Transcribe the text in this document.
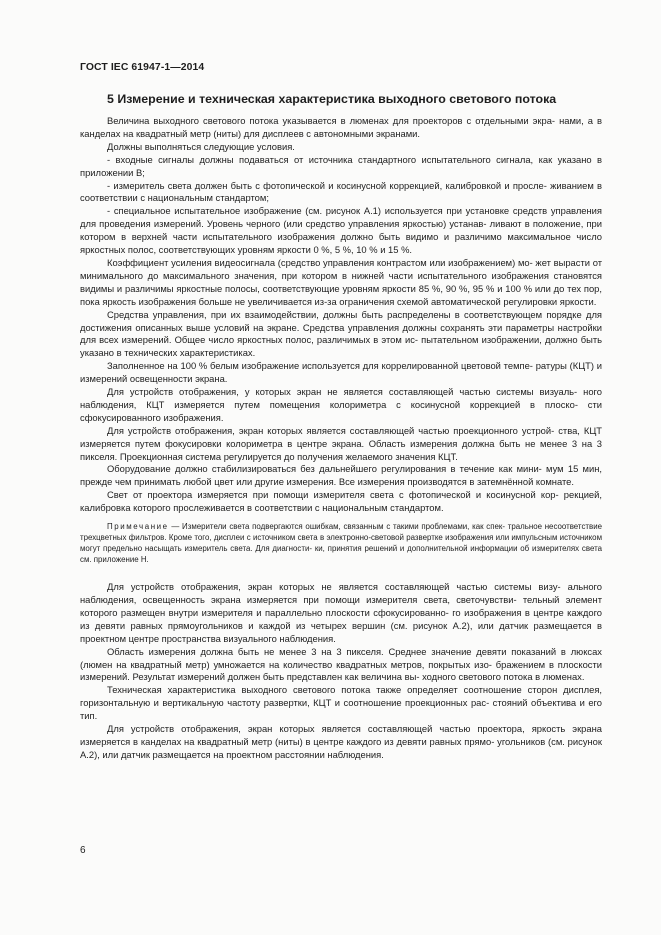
ГОСТ IEC 61947-1—2014
5 Измерение и техническая характеристика выходного светового потока

Величина выходного светового потока указывается в люменах для проекторов с отдельными экра- нами, а в канделах на квадратный метр (ниты) для дисплеев с автономными экранами.

Должны выполняться следующие условия.

- входные сигналы должны подаваться от источника стандартного испытательного сигнала, как указано в приложении В;

- измеритель света должен быть с фотопической и косинусной коррекцией, калибровкой и просле- живанием в соответствии с национальным стандартом;

- специальное испытательное изображение (см. рисунок А.1) используется при установке средств управления для проведения измерений. Уровень черного (или средство управления яркостью) устанав- ливают в положение, при котором в верхней части испытательного изображения должно быть видимо и различимо максимальное число яркостных полос, соответствующих уровням яркости 0 %, 5 %, 10 % и 15 %.

Коэффициент усиления видеосигнала (средство управления контрастом или изображением) мо- жет вырасти от минимального до максимального значения, при котором в нижней части испытательного изображения становятся видимы и различимы яркостные полосы, соответствующие уровням яркости 85 %, 90 %, 95 % и 100 % или до тех пор, пока яркость изображения больше не увеличивается из-за ограничения схемой автоматической регулировки яркости.

Средства управления, при их взаимодействии, должны быть распределены в соответствующем порядке для достижения описанных выше условий на экране. Средства управления должны сохранять эти параметры настройки для всех измерений. Общее число яркостных полос, различимых в этом ис- пытательном изображении, должно быть указано в технических характеристиках.

Заполненное на 100 % белым изображение используется для коррелированной цветовой темпе- ратуры (КЦТ) и измерений освещенности экрана.

Для устройств отображения, у которых экран не является составляющей частью системы визуаль- ного наблюдения, КЦТ измеряется путем помещения колориметра с косинусной коррекцией в плоско- сти сфокусированного изображения.

Для устройств отображения, экран которых является составляющей частью проекционного устрой- ства, КЦТ измеряется путем фокусировки колориметра в центре экрана. Область измерения должна быть не менее 3 на 3 пикселя. Проекционная система регулируется до получения желаемого значения КЦТ.

Оборудование должно стабилизироваться без дальнейшего регулирования в течение как мини- мум 15 мин, прежде чем принимать любой цвет или другие измерения. Все измерения производятся в затемнённой комнате.

Свет от проектора измеряется при помощи измерителя света с фотопической и косинусной кор- рекцией, калибровка которого прослеживается в соответствии с национальным стандартом.

Примечание — Измерители света подвергаются ошибкам, связанным с такими проблемами, как спек- тральное несоответствие трехцветных фильтров. Кроме того, дисплеи с источником света в электронно-световой развертке изображения или импульсным источником могут предельно насыщать измеритель света. Для диагности- ки, принятия решений и дополнительной информации об измерителях света см. приложение Н.

Для устройств отображения, экран которых не является составляющей частью системы визу- ального наблюдения, освещенность экрана измеряется при помощи измерителя света, светочувстви- тельный элемент которого размещен внутри измерителя и параллельно плоскости сфокусированно- го изображения в центре каждого из девяти равных прямоугольников и каждой из четырех вершин (см. рисунок А.2), или датчик размещается в проектном центре пространства визуального наблюдения.

Область измерения должна быть не менее 3 на 3 пикселя. Среднее значение девяти показаний в люксах (люмен на квадратный метр) умножается на количество квадратных метров, покрытых изо- бражением в плоскости измерений. Результат измерений должен быть представлен как величина вы- ходного светового потока в люменах.

Техническая характеристика выходного светового потока также определяет соотношение сторон дисплея, горизонтальную и вертикальную частоту развертки, КЦТ и соотношение проекционных рас- стояний объектива и его тип.

Для устройств отображения, экран которых является составляющей частью проектора, яркость экрана измеряется в канделах на квадратный метр (ниты) в центре каждого из девяти равных прямо- угольников (см. рисунок А.2), или датчик размещается на проектном расстоянии наблюдения.

6
